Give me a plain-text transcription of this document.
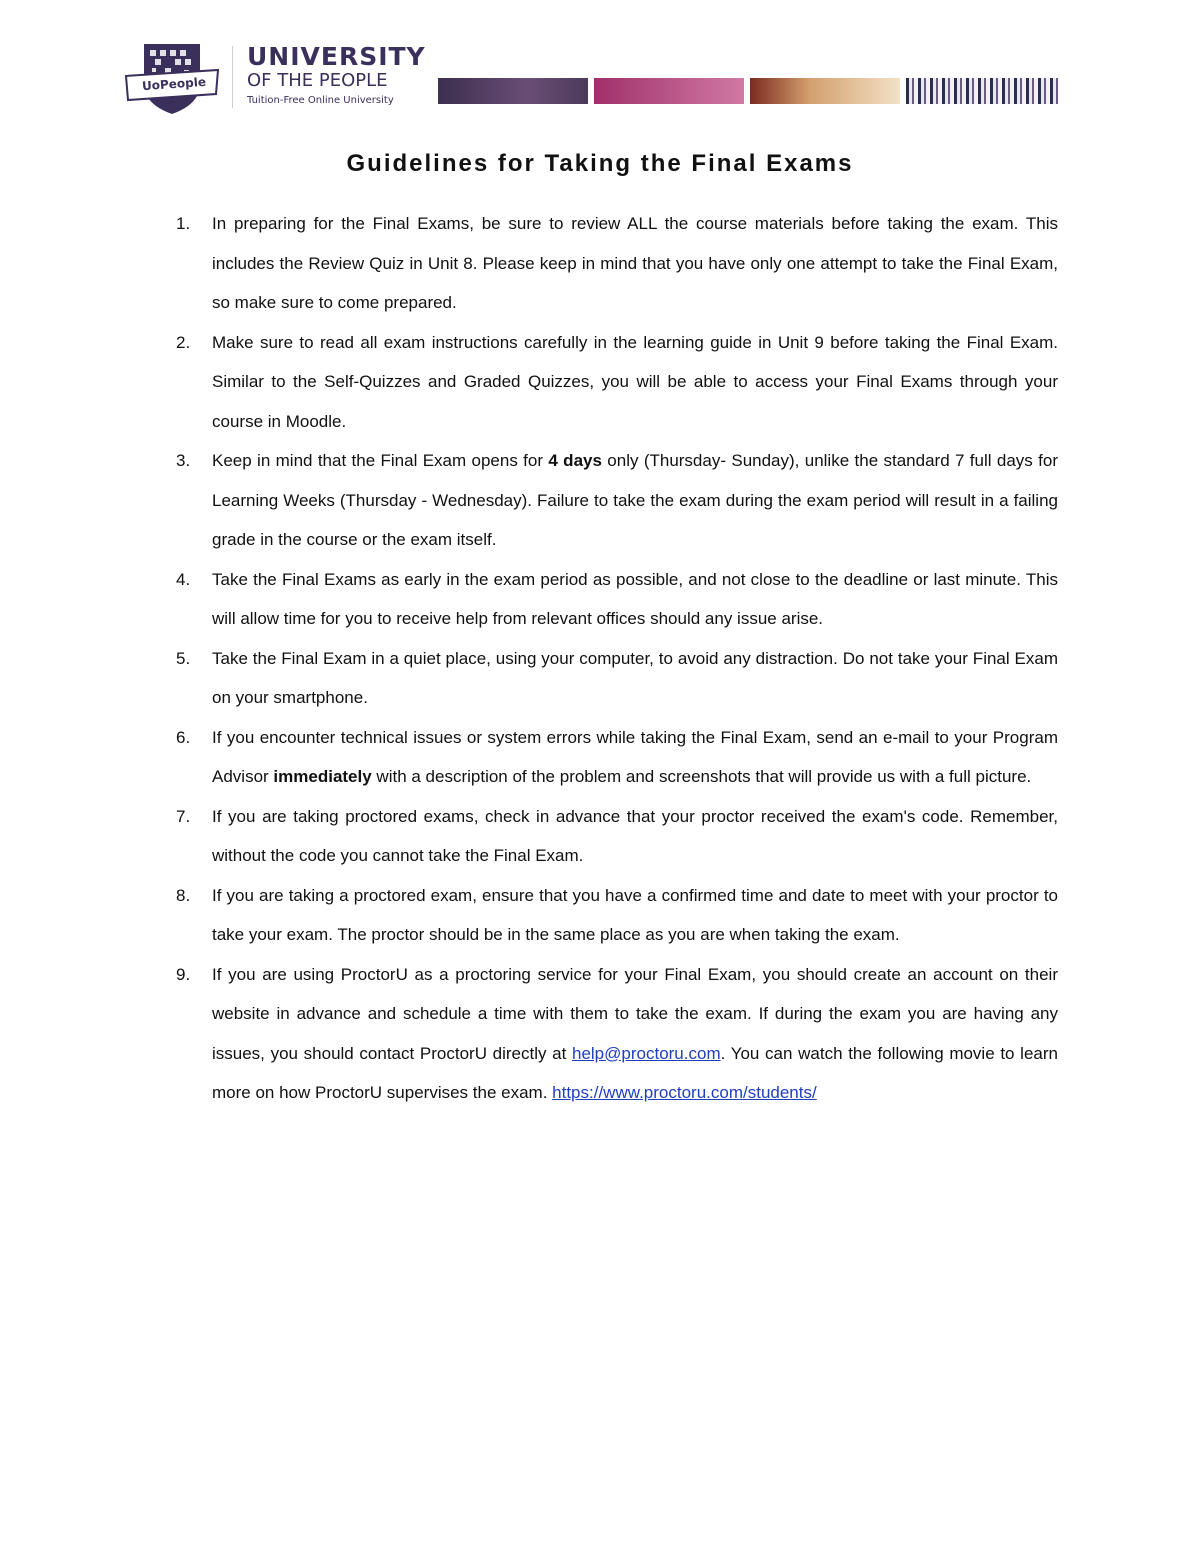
UoPeople
UNIVERSITY
OF THE PEOPLE
Tuition-Free Online University
Guidelines for Taking the Final Exams
1. In preparing for the Final Exams, be sure to review ALL the course materials before taking the exam. This includes the Review Quiz in Unit 8. Please keep in mind that you have only one attempt to take the Final Exam, so make sure to come prepared.
2. Make sure to read all exam instructions carefully in the learning guide in Unit 9 before taking the Final Exam. Similar to the Self-Quizzes and Graded Quizzes, you will be able to access your Final Exams through your course in Moodle.
3. Keep in mind that the Final Exam opens for 4 days only (Thursday- Sunday), unlike the standard 7 full days for Learning Weeks (Thursday - Wednesday). Failure to take the exam during the exam period will result in a failing grade in the course or the exam itself.
4. Take the Final Exams as early in the exam period as possible, and not close to the deadline or last minute. This will allow time for you to receive help from relevant offices should any issue arise.
5. Take the Final Exam in a quiet place, using your computer, to avoid any distraction. Do not take your Final Exam on your smartphone.
6. If you encounter technical issues or system errors while taking the Final Exam, send an e-mail to your Program Advisor immediately with a description of the problem and screenshots that will provide us with a full picture.
7. If you are taking proctored exams, check in advance that your proctor received the exam's code. Remember, without the code you cannot take the Final Exam.
8. If you are taking a proctored exam, ensure that you have a confirmed time and date to meet with your proctor to take your exam. The proctor should be in the same place as you are when taking the exam.
9. If you are using ProctorU as a proctoring service for your Final Exam, you should create an account on their website in advance and schedule a time with them to take the exam. If during the exam you are having any issues, you should contact ProctorU directly at help@proctoru.com. You can watch the following movie to learn more on how ProctorU supervises the exam. https://www.proctoru.com/students/
